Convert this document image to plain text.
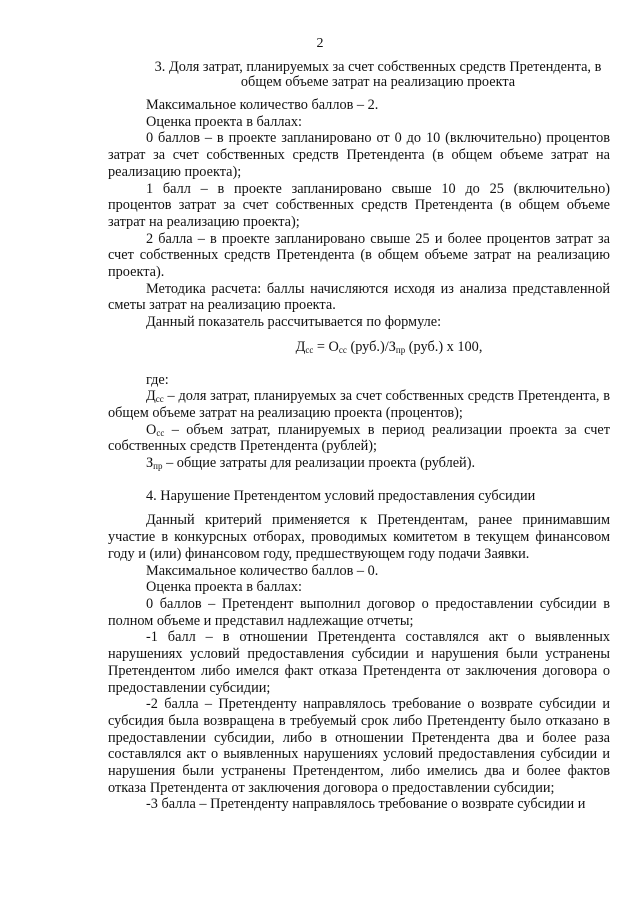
2

3. Доля затрат, планируемых за счет собственных средств Претендента, в общем объеме затрат на реализацию проекта

Максимальное количество баллов – 2.

Оценка проекта в баллах:

0 баллов – в проекте запланировано от 0 до 10 (включительно) процентов затрат за счет собственных средств Претендента (в общем объеме затрат на реализацию проекта);

1 балл – в проекте запланировано свыше 10 до 25 (включительно) процентов затрат за счет собственных средств Претендента (в общем объеме затрат на реализацию проекта);

2 балла – в проекте запланировано свыше 25 и более процентов затрат за счет собственных средств Претендента (в общем объеме затрат на реализацию проекта).

Методика расчета: баллы начисляются исходя из анализа представленной сметы затрат на реализацию проекта.

Данный показатель рассчитывается по формуле:

$Д_{сс} = О_{сс}$ $(руб.)/З_{пр}$ (руб.) х 100,

где:

$Д_{сс}$ – доля затрат, планируемых за счет собственных средств Претендента, в общем объеме затрат на реализацию проекта (процентов);

$О_{сс}$ – объем затрат, планируемых в период реализации проекта за счет собственных средств Претендента (рублей);

$З_{пр}$ – общие затраты для реализации проекта (рублей).

4. Нарушение Претендентом условий предоставления субсидии

Данный критерий применяется к Претендентам, ранее принимавшим участие в конкурсных отборах, проводимых комитетом в текущем финансовом году и (или) финансовом году, предшествующем году подачи Заявки.

Максимальное количество баллов – 0.

Оценка проекта в баллах:

0 баллов – Претендент выполнил договор о предоставлении субсидии в полном объеме и представил надлежащие отчеты;

-1 балл – в отношении Претендента составлялся акт о выявленных нарушениях условий предоставления субсидии и нарушения были устранены Претендентом либо имелся факт отказа Претендента от заключения договора о предоставлении субсидии;

-2 балла – Претенденту направлялось требование о возврате субсидии и субсидия была возвращена в требуемый срок либо Претенденту было отказано в предоставлении субсидии, либо в отношении Претендента два и более раза составлялся акт о выявленных нарушениях условий предоставления субсидии и нарушения были устранены Претендентом, либо имелись два и более фактов отказа Претендента от заключения договора о предоставлении субсидии;

-3 балла – Претенденту направлялось требование о возврате субсидии и
